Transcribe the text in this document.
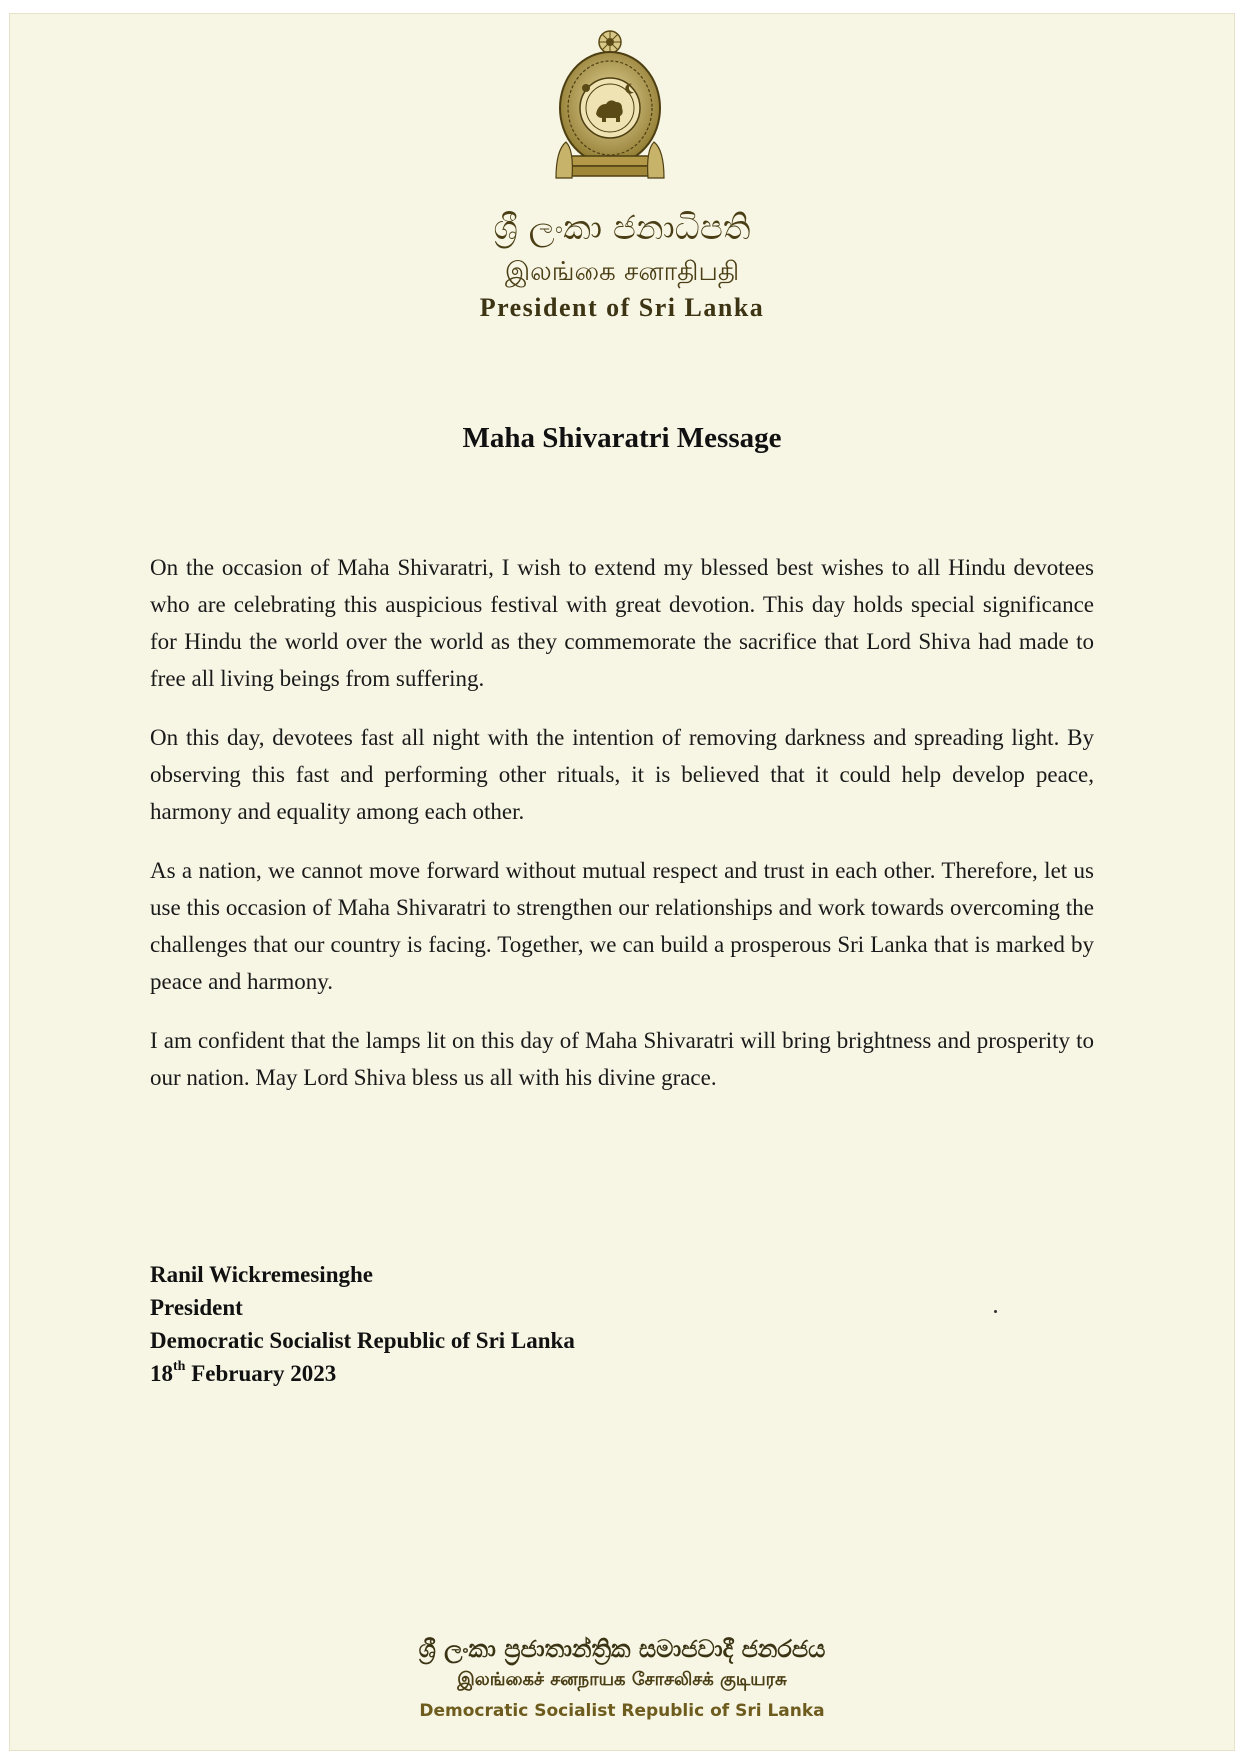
ශ්‍රී ලංකා ජනාධිපති
இலங்கை சனாதிபதி
President of Sri Lanka
Maha Shivaratri Message

On the occasion of Maha Shivaratri, I wish to extend my blessed best wishes to all Hindu devotees who are celebrating this auspicious festival with great devotion. This day holds special significance for Hindu the world over the world as they commemorate the sacrifice that Lord Shiva had made to free all living beings from suffering.

On this day, devotees fast all night with the intention of removing darkness and spreading light. By observing this fast and performing other rituals, it is believed that it could help develop peace, harmony and equality among each other.

As a nation, we cannot move forward without mutual respect and trust in each other. Therefore, let us use this occasion of Maha Shivaratri to strengthen our relationships and work towards overcoming the challenges that our country is facing. Together, we can build a prosperous Sri Lanka that is marked by peace and harmony.

I am confident that the lamps lit on this day of Maha Shivaratri will bring brightness and prosperity to our nation. May Lord Shiva bless us all with his divine grace.

Ranil Wickremesinghe
President
Democratic Socialist Republic of Sri Lanka
18th February 2023
ශ්‍රී ලංකා ප්‍රජාතාන්ත්‍රික සමාජවාදී ජනරජය
இலங்கைச் சனநாயக சோசலிசக் குடியரசு
Democratic Socialist Republic of Sri Lanka
